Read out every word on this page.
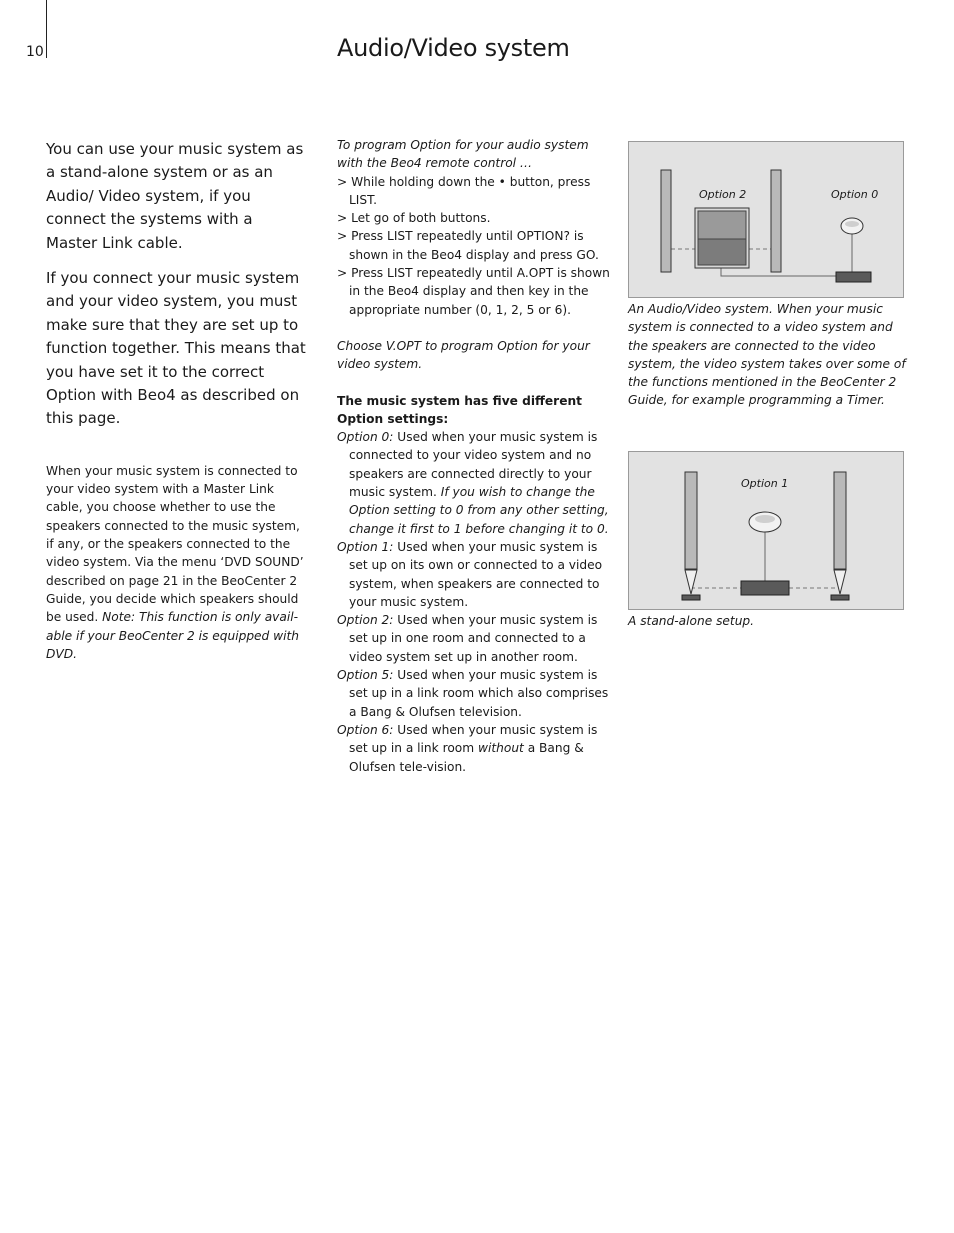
10	Audio/Video system

You can use your music system as a stand-alone system or as an Audio/ Video system, if you connect the systems with a Master Link cable.

If you connect your music system and your video system, you must make sure that they are set up to function together. This means that you have set it to the correct Option with Beo4 as described on this page.

When your music system is connected to your video system with a Master Link cable, you choose whether to use the speakers connected to the music system, if any, or the speakers connected to the video system. Via the menu ‘DVD SOUND’ described on page 21 in the BeoCenter 2 Guide, you decide which speakers should be used. Note: This function is only avail-able if your BeoCenter 2 is equipped with DVD.

To program Option for your audio system with the Beo4 remote control …

> While holding down the • button, press LIST.

> Let go of both buttons.

> Press LIST repeatedly until OPTION? is shown in the Beo4 display and press GO.

> Press LIST repeatedly until A.OPT is shown in the Beo4 display and then key in the appropriate number (0, 1, 2, 5 or 6).

Choose V.OPT to program Option for your video system.

The music system has five different Option settings:

Option 0: Used when your music system is connected to your video system and no speakers are connected directly to your music system. If you wish to change the Option setting to 0 from any other setting, change it first to 1 before changing it to 0.

Option 1: Used when your music system is set up on its own or connected to a video system, when speakers are connected to your music system.

Option 2: Used when your music system is set up in one room and connected to a video system set up in another room.

Option 5: Used when your music system is set up in a link room which also comprises a Bang & Olufsen television.

Option 6: Used when your music system is set up in a link room without a Bang & Olufsen tele-vision.

Option 2	Option 0

An Audio/Video system. When your music system is connected to a video system and the speakers are connected to the video system, the video system takes over some of the functions mentioned in the BeoCenter 2 Guide, for example programming a Timer.

Option 1

A stand-alone setup.
